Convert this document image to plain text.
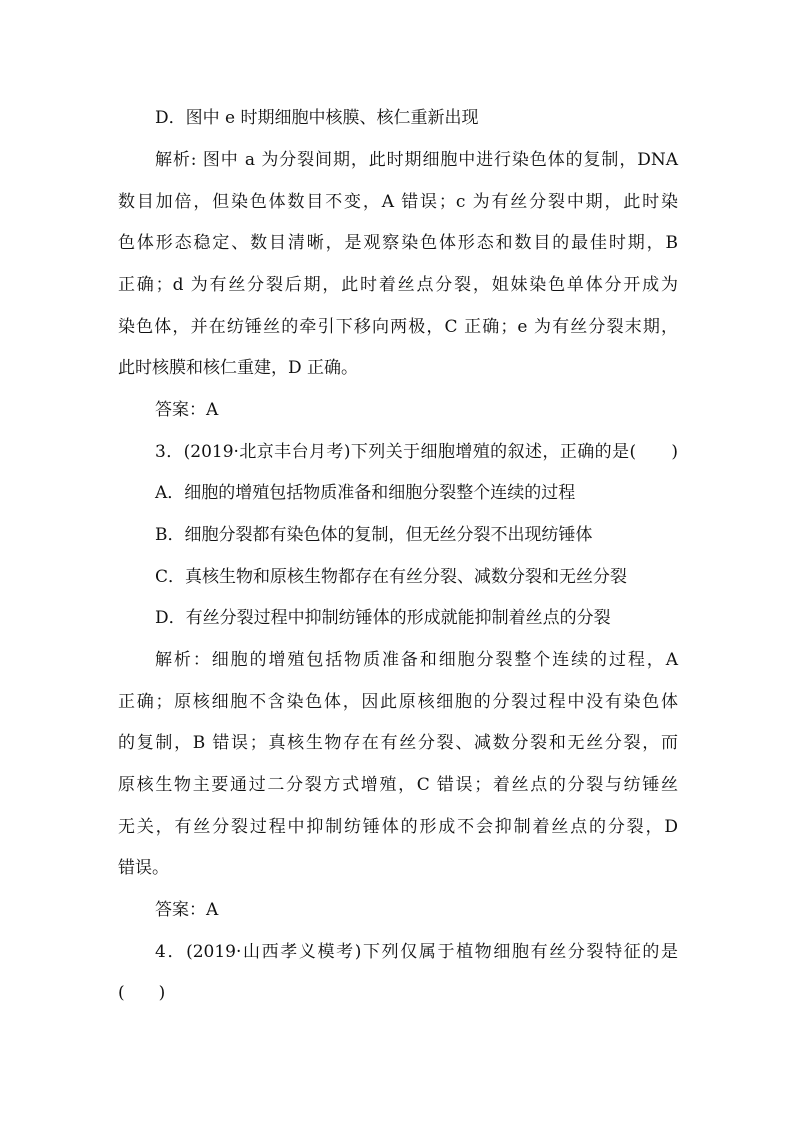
D．图中 e 时期细胞中核膜、核仁重新出现
解析: 图中 a 为分裂间期，此时期细胞中进行染色体的复制，DNA
数目加倍，但染色体数目不变，A 错误；c 为有丝分裂中期，此时染
色体形态稳定、数目清晰，是观察染色体形态和数目的最佳时期，B
正确；d 为有丝分裂后期，此时着丝点分裂，姐妹染色单体分开成为
染色体，并在纺锤丝的牵引下移向两极，C 正确；e 为有丝分裂末期，
此时核膜和核仁重建，D 正确。
答案：A
3．(2019·北京丰台月考)下列关于细胞增殖的叙述，正确的是(　　)
A．细胞的增殖包括物质准备和细胞分裂整个连续的过程
B．细胞分裂都有染色体的复制，但无丝分裂不出现纺锤体
C．真核生物和原核生物都存在有丝分裂、减数分裂和无丝分裂
D．有丝分裂过程中抑制纺锤体的形成就能抑制着丝点的分裂
解析：细胞的增殖包括物质准备和细胞分裂整个连续的过程，A
正确；原核细胞不含染色体，因此原核细胞的分裂过程中没有染色体
的复制，B 错误；真核生物存在有丝分裂、减数分裂和无丝分裂，而
原核生物主要通过二分裂方式增殖，C 错误；着丝点的分裂与纺锤丝
无关，有丝分裂过程中抑制纺锤体的形成不会抑制着丝点的分裂，D
错误。
答案：A
4．(2019·山西孝义模考)下列仅属于植物细胞有丝分裂特征的是
(　　)
